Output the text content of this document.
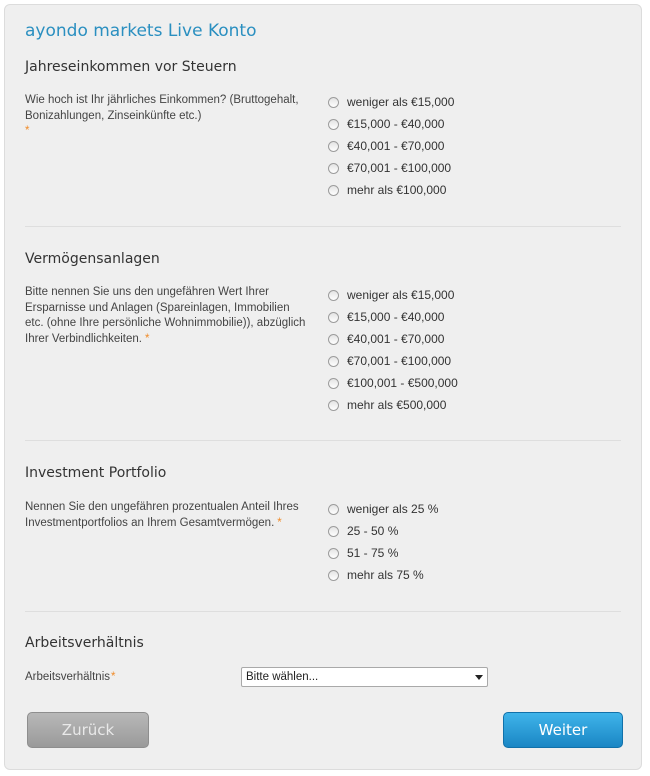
ayondo markets Live Konto
Jahreseinkommen vor Steuern
Wie hoch ist Ihr jährliches Einkommen? (Bruttogehalt, Bonizahlungen, Zinseinkünfte etc.)
*
weniger als €15,000
€15,000 - €40,000
€40,001 - €70,000
€70,001 - €100,000
mehr als €100,000
Vermögensanlagen
Bitte nennen Sie uns den ungefähren Wert Ihrer Ersparnisse und Anlagen (Spareinlagen, Immobilien etc. (ohne Ihre persönliche Wohnimmobilie)), abzüglich Ihrer Verbindlichkeiten. *
weniger als €15,000
€15,000 - €40,000
€40,001 - €70,000
€70,001 - €100,000
€100,001 - €500,000
mehr als €500,000
Investment Portfolio
Nennen Sie den ungefähren prozentualen Anteil Ihres Investmentportfolios an Ihrem Gesamtvermögen. *
weniger als 25 %
25 - 50 %
51 - 75 %
mehr als 75 %
Arbeitsverhältnis
Arbeitsverhältnis*	Bitte wählen...
Zurück	Weiter
